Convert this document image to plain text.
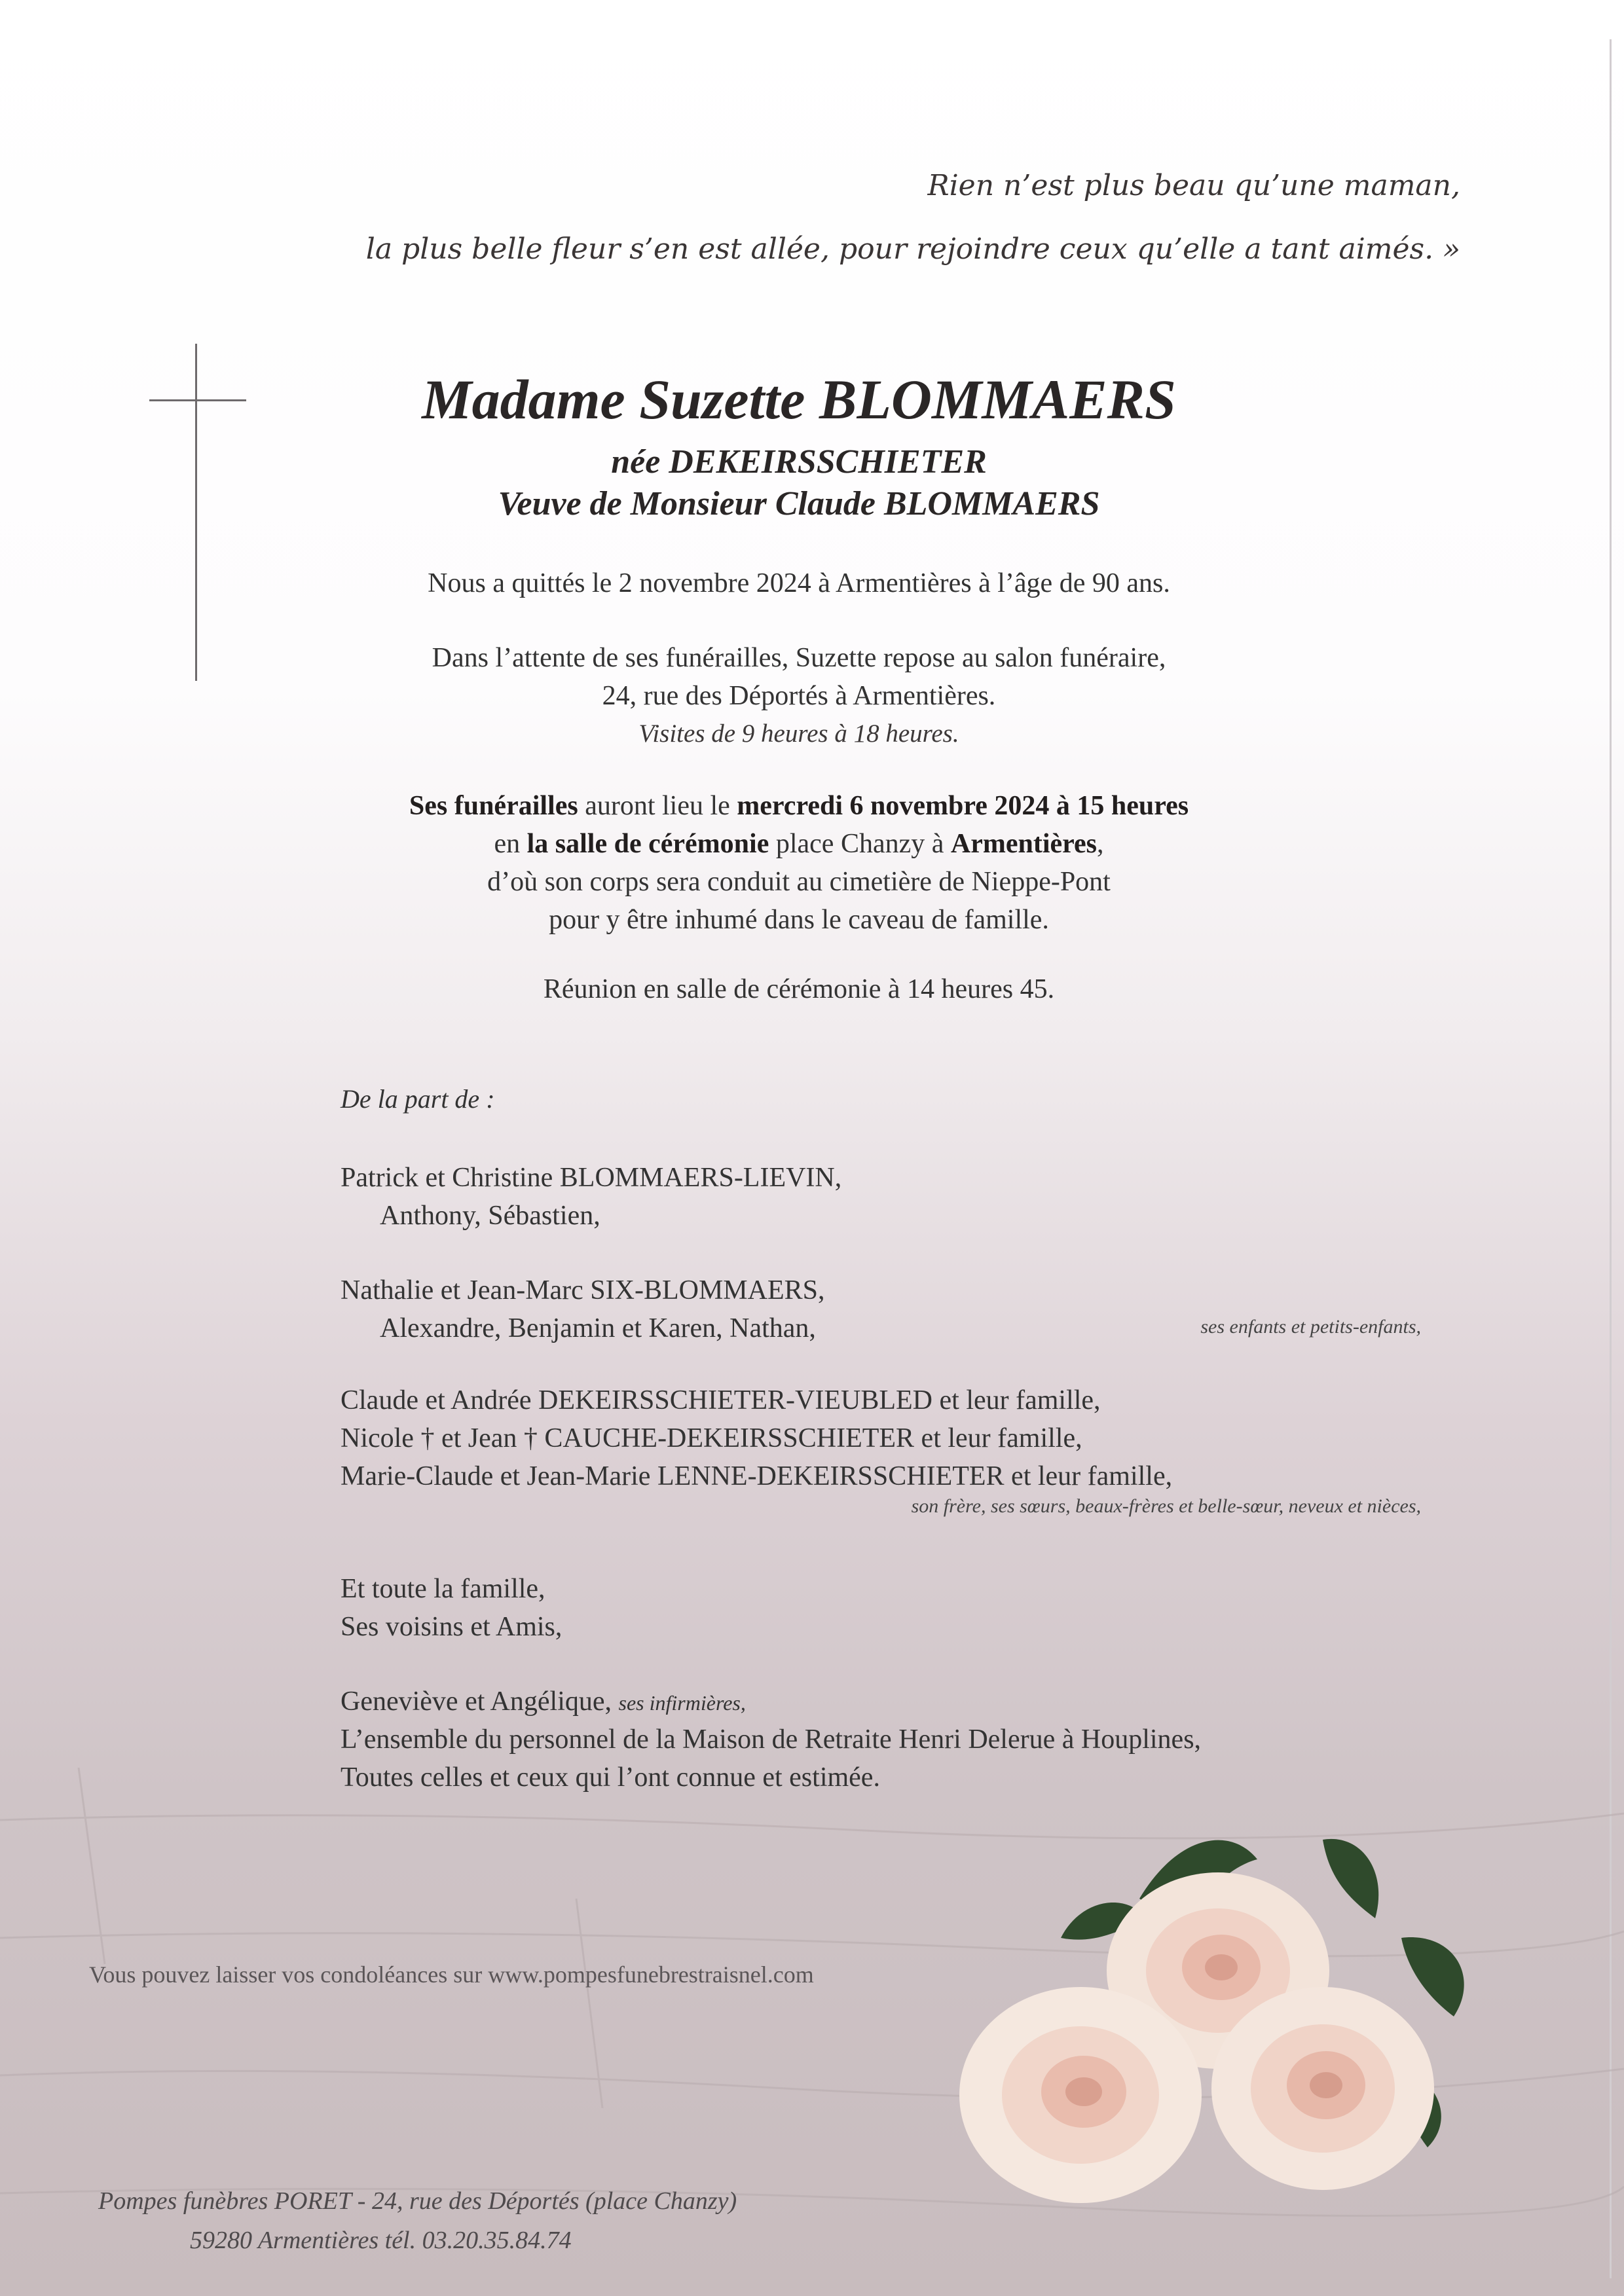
Rien n’est plus beau qu’une maman,
la plus belle fleur s’en est allée, pour rejoindre ceux qu’elle a tant aimés. »
Madame Suzette BLOMMAERS
née DEKEIRSSCHIETER
Veuve de Monsieur Claude BLOMMAERS
Nous a quittés le 2 novembre 2024 à Armentières à l’âge de 90 ans.
Dans l’attente de ses funérailles, Suzette repose au salon funéraire,
24, rue des Déportés à Armentières.
Visites de 9 heures à 18 heures.
Ses funérailles auront lieu le mercredi 6 novembre 2024 à 15 heures
en la salle de cérémonie place Chanzy à Armentières,
d’où son corps sera conduit au cimetière de Nieppe-Pont
pour y être inhumé dans le caveau de famille.
Réunion en salle de cérémonie à 14 heures 45.
De la part de :
Patrick et Christine BLOMMAERS-LIEVIN,
Anthony, Sébastien,
Nathalie et Jean-Marc SIX-BLOMMAERS,
Alexandre, Benjamin et Karen, Nathan,	ses enfants et petits-enfants,
Claude et Andrée DEKEIRSSCHIETER-VIEUBLED et leur famille,
Nicole † et Jean † CAUCHE-DEKEIRSSCHIETER et leur famille,
Marie-Claude et Jean-Marie LENNE-DEKEIRSSCHIETER et leur famille,
son frère, ses sœurs, beaux-frères et belle-sœur, neveux et nièces,
Et toute la famille,
Ses voisins et Amis,
Geneviève et Angélique, ses infirmières,
L’ensemble du personnel de la Maison de Retraite Henri Delerue à Houplines,
Toutes celles et ceux qui l’ont connue et estimée.
Vous pouvez laisser vos condoléances sur www.pompesfunebrestraisnel.com
Pompes funèbres PORET - 24, rue des Déportés (place Chanzy)
59280 Armentières tél. 03.20.35.84.74
